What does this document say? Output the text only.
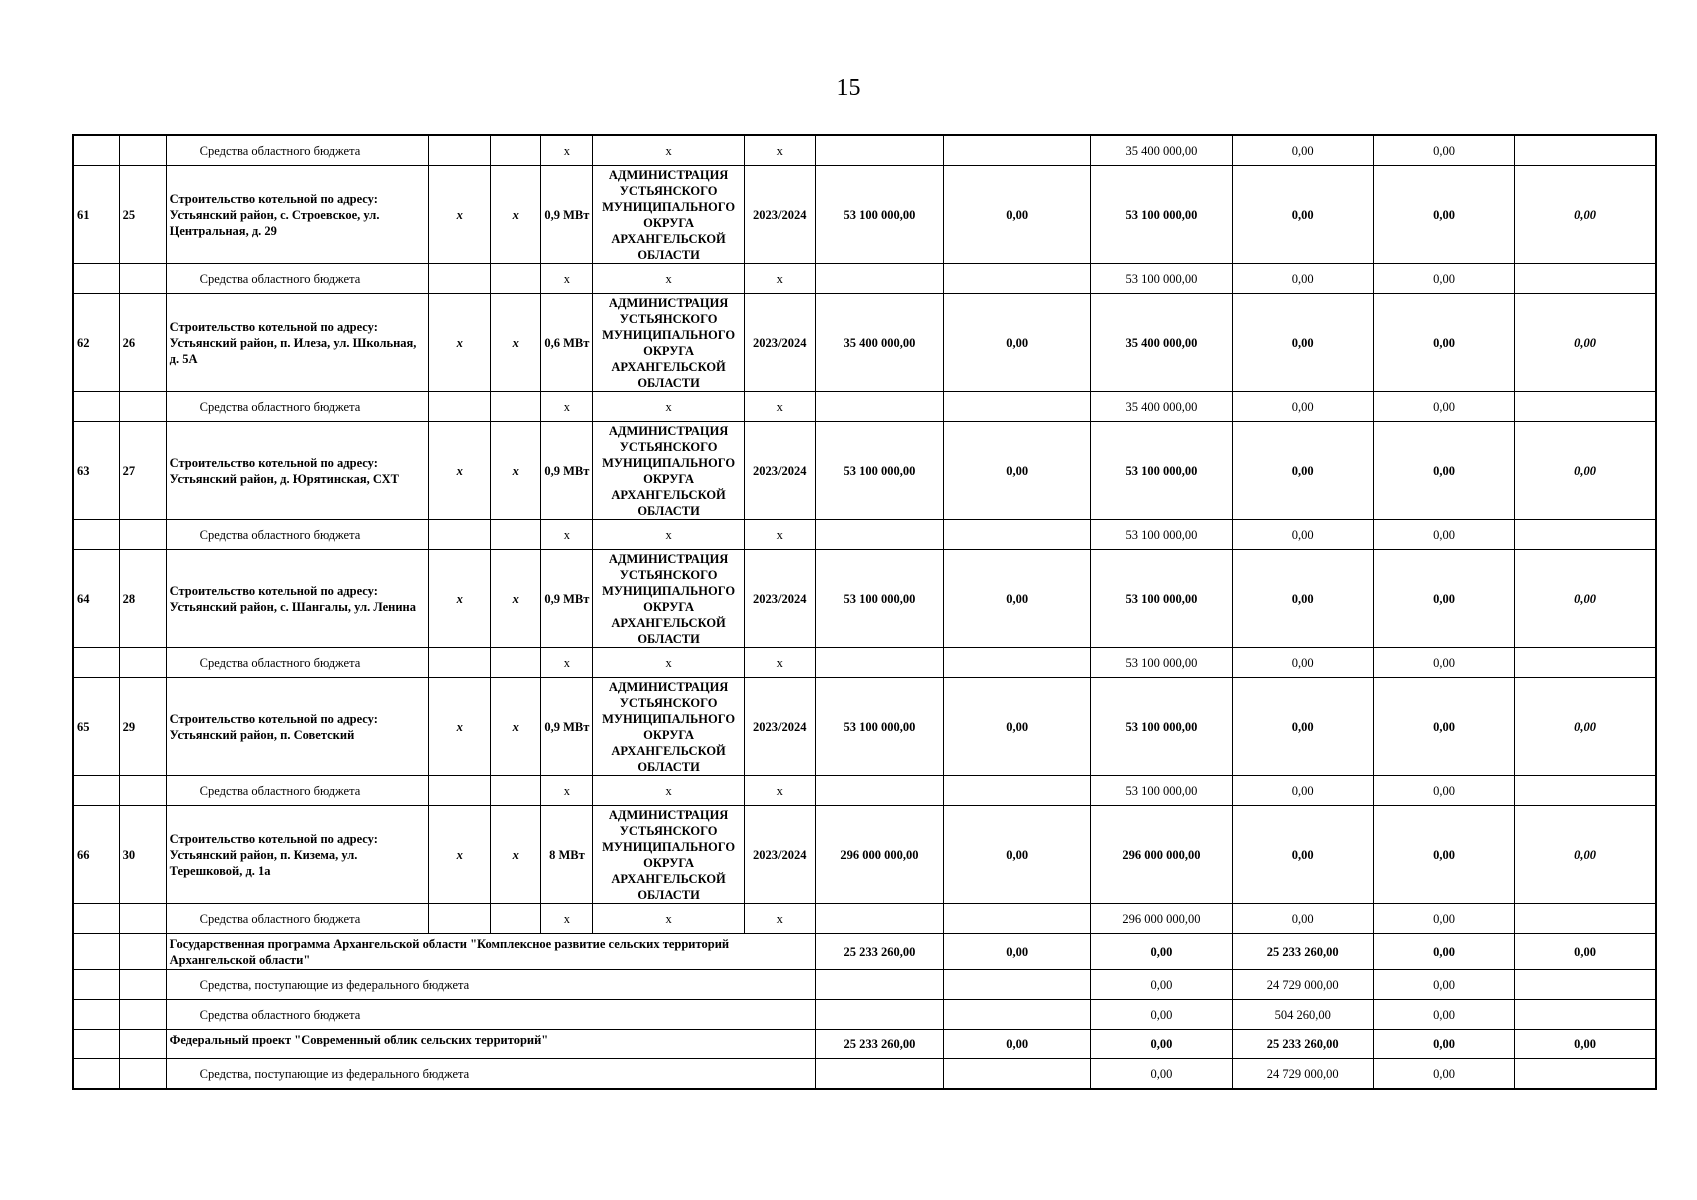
15
		Средства областного бюджета			x	x	x			35 400 000,00	0,00	0,00	
61	25	Строительство котельной по адресу: Устьянский район, с. Строевское, ул. Центральная, д. 29	x	x	0,9 МВт	АДМИНИСТРАЦИЯ УСТЬЯНСКОГО МУНИЦИПАЛЬНОГО ОКРУГА АРХАНГЕЛЬСКОЙ ОБЛАСТИ	2023/2024	53 100 000,00	0,00	53 100 000,00	0,00	0,00	0,00
		Средства областного бюджета			x	x	x			53 100 000,00	0,00	0,00	
62	26	Строительство котельной по адресу: Устьянский район, п. Илеза, ул. Школьная, д. 5А	x	x	0,6 МВт	АДМИНИСТРАЦИЯ УСТЬЯНСКОГО МУНИЦИПАЛЬНОГО ОКРУГА АРХАНГЕЛЬСКОЙ ОБЛАСТИ	2023/2024	35 400 000,00	0,00	35 400 000,00	0,00	0,00	0,00
		Средства областного бюджета			x	x	x			35 400 000,00	0,00	0,00	
63	27	Строительство котельной по адресу: Устьянский район, д. Юрятинская, СХТ	x	x	0,9 МВт	АДМИНИСТРАЦИЯ УСТЬЯНСКОГО МУНИЦИПАЛЬНОГО ОКРУГА АРХАНГЕЛЬСКОЙ ОБЛАСТИ	2023/2024	53 100 000,00	0,00	53 100 000,00	0,00	0,00	0,00
		Средства областного бюджета			x	x	x			53 100 000,00	0,00	0,00	
64	28	Строительство котельной по адресу: Устьянский район, с. Шангалы, ул. Ленина	x	x	0,9 МВт	АДМИНИСТРАЦИЯ УСТЬЯНСКОГО МУНИЦИПАЛЬНОГО ОКРУГА АРХАНГЕЛЬСКОЙ ОБЛАСТИ	2023/2024	53 100 000,00	0,00	53 100 000,00	0,00	0,00	0,00
		Средства областного бюджета			x	x	x			53 100 000,00	0,00	0,00	
65	29	Строительство котельной по адресу: Устьянский район, п. Советский	x	x	0,9 МВт	АДМИНИСТРАЦИЯ УСТЬЯНСКОГО МУНИЦИПАЛЬНОГО ОКРУГА АРХАНГЕЛЬСКОЙ ОБЛАСТИ	2023/2024	53 100 000,00	0,00	53 100 000,00	0,00	0,00	0,00
		Средства областного бюджета			x	x	x			53 100 000,00	0,00	0,00	
66	30	Строительство котельной по адресу: Устьянский район, п. Кизема, ул. Терешковой, д. 1а	x	x	8 МВт	АДМИНИСТРАЦИЯ УСТЬЯНСКОГО МУНИЦИПАЛЬНОГО ОКРУГА АРХАНГЕЛЬСКОЙ ОБЛАСТИ	2023/2024	296 000 000,00	0,00	296 000 000,00	0,00	0,00	0,00
		Средства областного бюджета			x	x	x			296 000 000,00	0,00	0,00	
		Государственная программа Архангельской области "Комплексное развитие сельских территорий Архангельской области"						25 233 260,00	0,00	0,00	25 233 260,00	0,00	0,00
		Средства, поступающие из федерального бюджета								0,00	24 729 000,00	0,00	
		Средства областного бюджета								0,00	504 260,00	0,00	
		Федеральный проект "Современный облик сельских территорий"						25 233 260,00	0,00	0,00	25 233 260,00	0,00	0,00
		Средства, поступающие из федерального бюджета								0,00	24 729 000,00	0,00	
